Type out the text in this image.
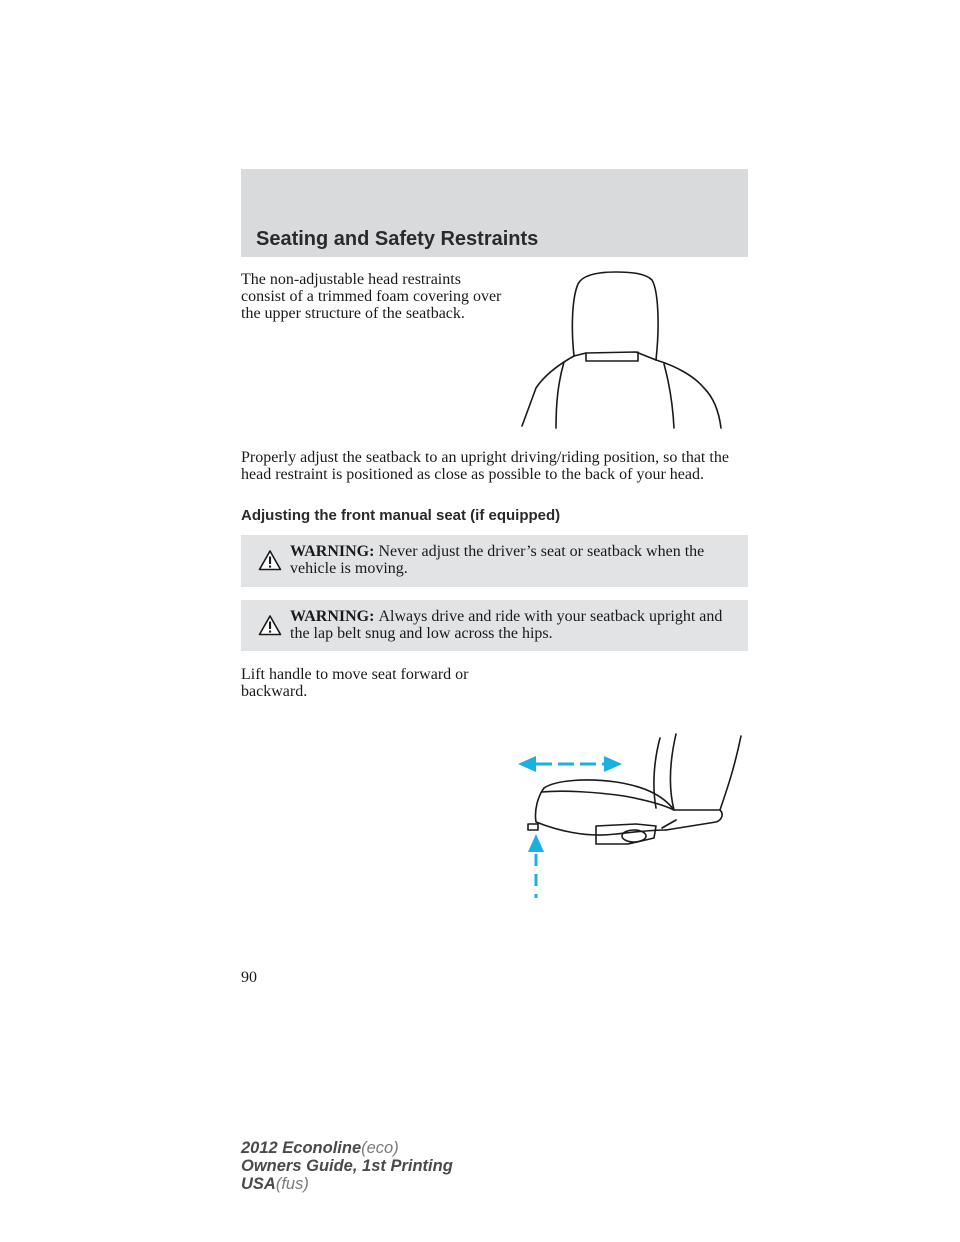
Seating and Safety Restraints

The non-adjustable head restraints consist of a trimmed foam covering over the upper structure of the seatback.

Properly adjust the seatback to an upright driving/riding position, so that the head restraint is positioned as close as possible to the back of your head.

Adjusting the front manual seat (if equipped)

WARNING: Never adjust the driver’s seat or seatback when the vehicle is moving.

WARNING: Always drive and ride with your seatback upright and the lap belt snug and low across the hips.

Lift handle to move seat forward or backward.

90

2012 Econoline(eco)
Owners Guide, 1st Printing
USA(fus)
